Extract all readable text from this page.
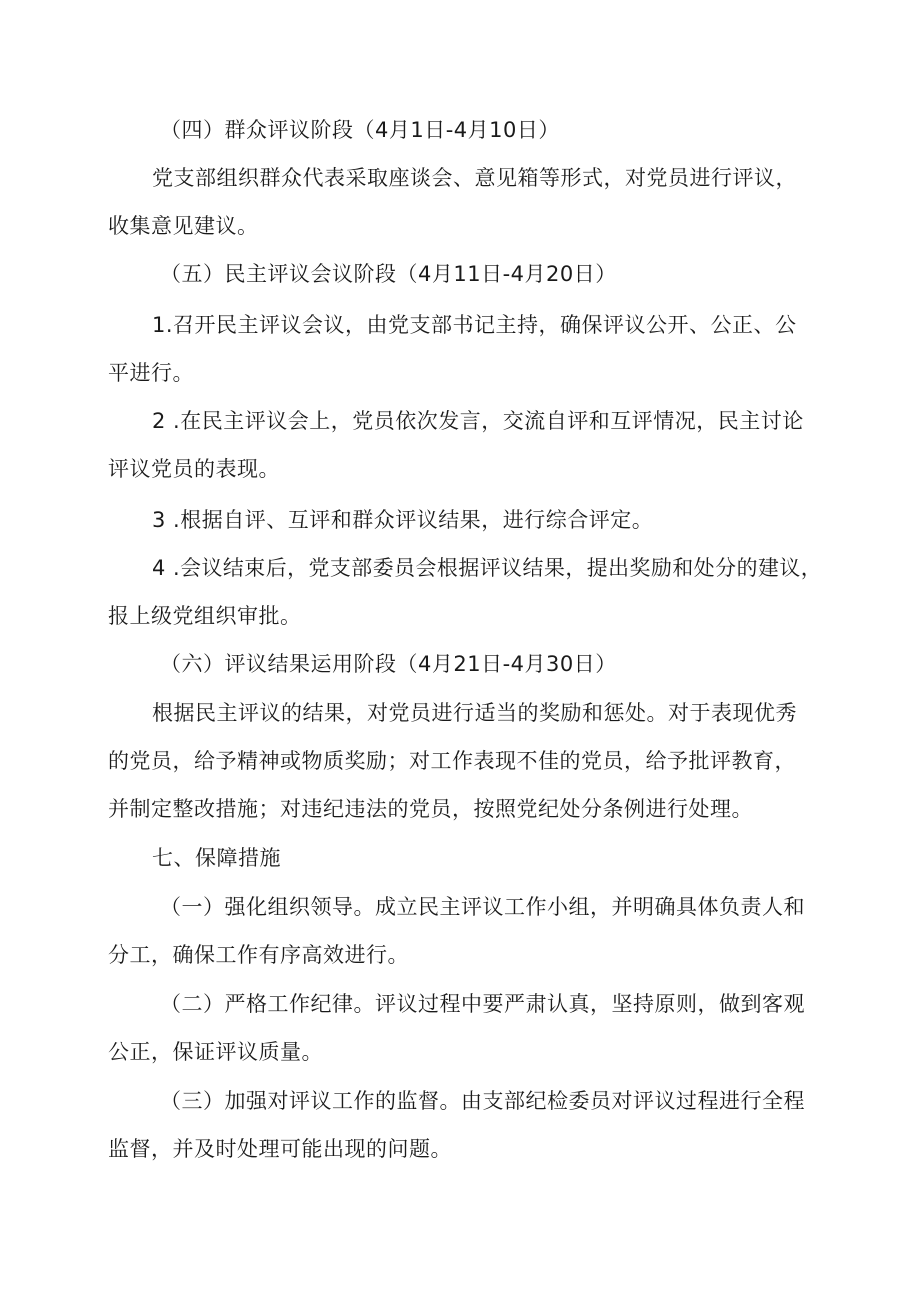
（四）群众评议阶段（4月1日-4月10日）
党支部组织群众代表采取座谈会、意见箱等形式，对党员进行评议，
收集意见建议。
（五）民主评议会议阶段（4月11日-4月20日）
1.召开民主评议会议，由党支部书记主持，确保评议公开、公正、公
平进行。
2 .在民主评议会上，党员依次发言，交流自评和互评情况，民主讨论
评议党员的表现。
3 .根据自评、互评和群众评议结果，进行综合评定。
4 .会议结束后，党支部委员会根据评议结果，提出奖励和处分的建议，
报上级党组织审批。
（六）评议结果运用阶段（4月21日-4月30日）
根据民主评议的结果，对党员进行适当的奖励和惩处。对于表现优秀
的党员，给予精神或物质奖励；对工作表现不佳的党员，给予批评教育，
并制定整改措施；对违纪违法的党员，按照党纪处分条例进行处理。
七、保障措施
（一）强化组织领导。成立民主评议工作小组，并明确具体负责人和
分工，确保工作有序高效进行。
（二）严格工作纪律。评议过程中要严肃认真，坚持原则，做到客观
公正，保证评议质量。
（三）加强对评议工作的监督。由支部纪检委员对评议过程进行全程
监督，并及时处理可能出现的问题。
